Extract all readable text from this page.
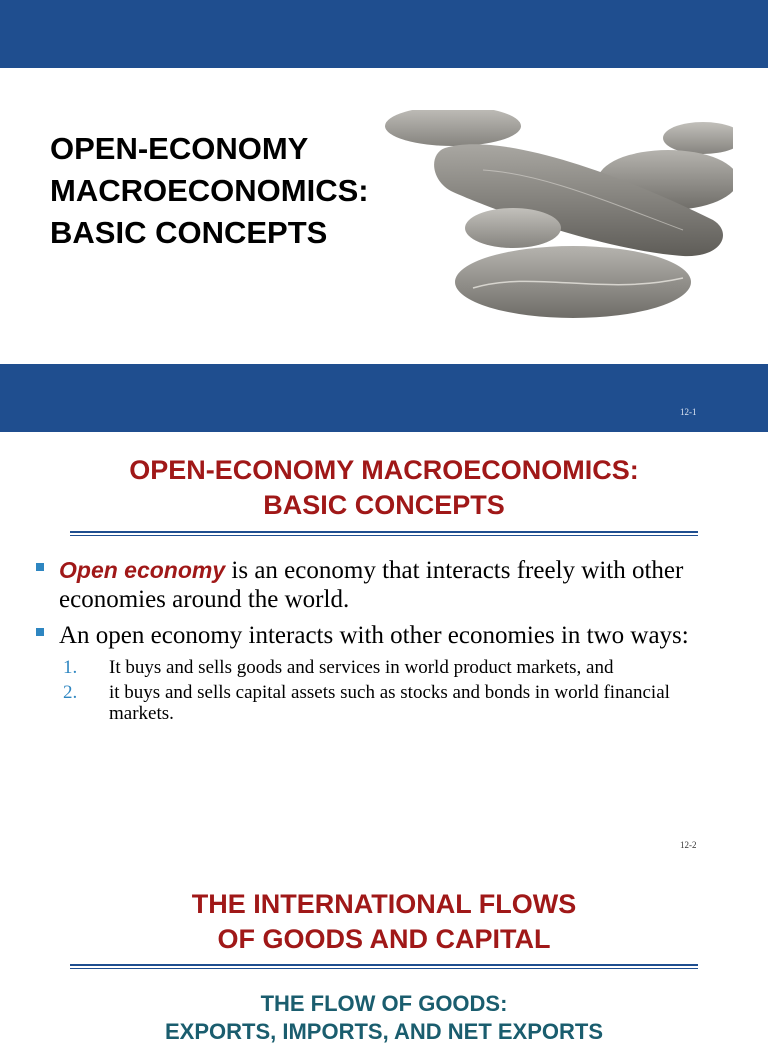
OPEN-ECONOMY
MACROECONOMICS:
BASIC CONCEPTS
12-1
OPEN-ECONOMY MACROECONOMICS:
BASIC CONCEPTS
Open economy is an economy that interacts freely with other economies around the world.
An open economy interacts with other economies in two ways:
1. It buys and sells goods and services in world product markets, and
2. it buys and sells capital assets such as stocks and bonds in world financial markets.
12-2
THE INTERNATIONAL FLOWS
OF GOODS AND CAPITAL
THE FLOW OF GOODS:
EXPORTS, IMPORTS, AND NET EXPORTS
